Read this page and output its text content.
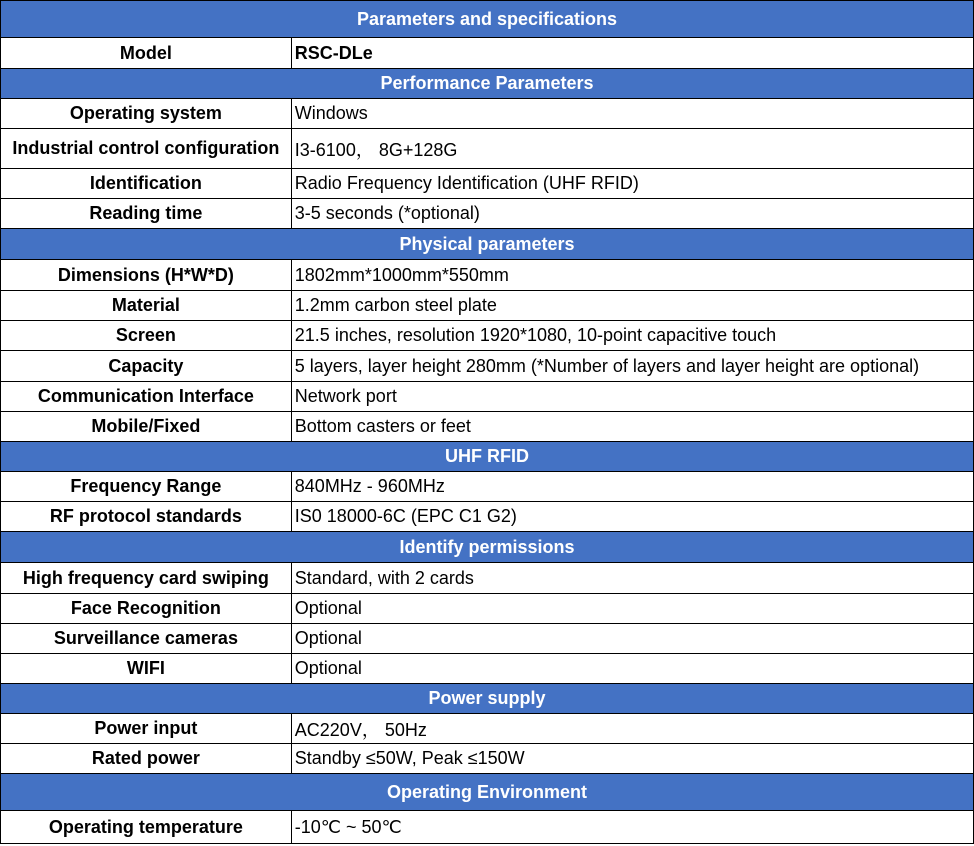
Parameters and specifications	
Model	RSC-DLe
Performance Parameters	
Operating system	Windows
Industrial control configuration	I3-6100， 8G+128G
Identification	Radio Frequency Identification (UHF RFID)
Reading time	3-5 seconds (*optional)
Physical parameters	
Dimensions (H*W*D)	1802mm*1000mm*550mm
Material	1.2mm carbon steel plate
Screen	21.5 inches, resolution 1920*1080, 10-point capacitive touch
Capacity	5 layers, layer height 280mm (*Number of layers and layer height are optional)
Communication Interface	Network port
Mobile/Fixed	Bottom casters or feet
UHF RFID	
Frequency Range	840MHz - 960MHz
RF protocol standards	IS0 18000-6C (EPC C1 G2)
Identify permissions	
High frequency card swiping	Standard, with 2 cards
Face Recognition	Optional
Surveillance cameras	Optional
WIFI	Optional
Power supply	
Power input	AC220V， 50Hz
Rated power	Standby ≤50W, Peak ≤150W
Operating Environment	
Operating temperature	-10℃ ~ 50℃
